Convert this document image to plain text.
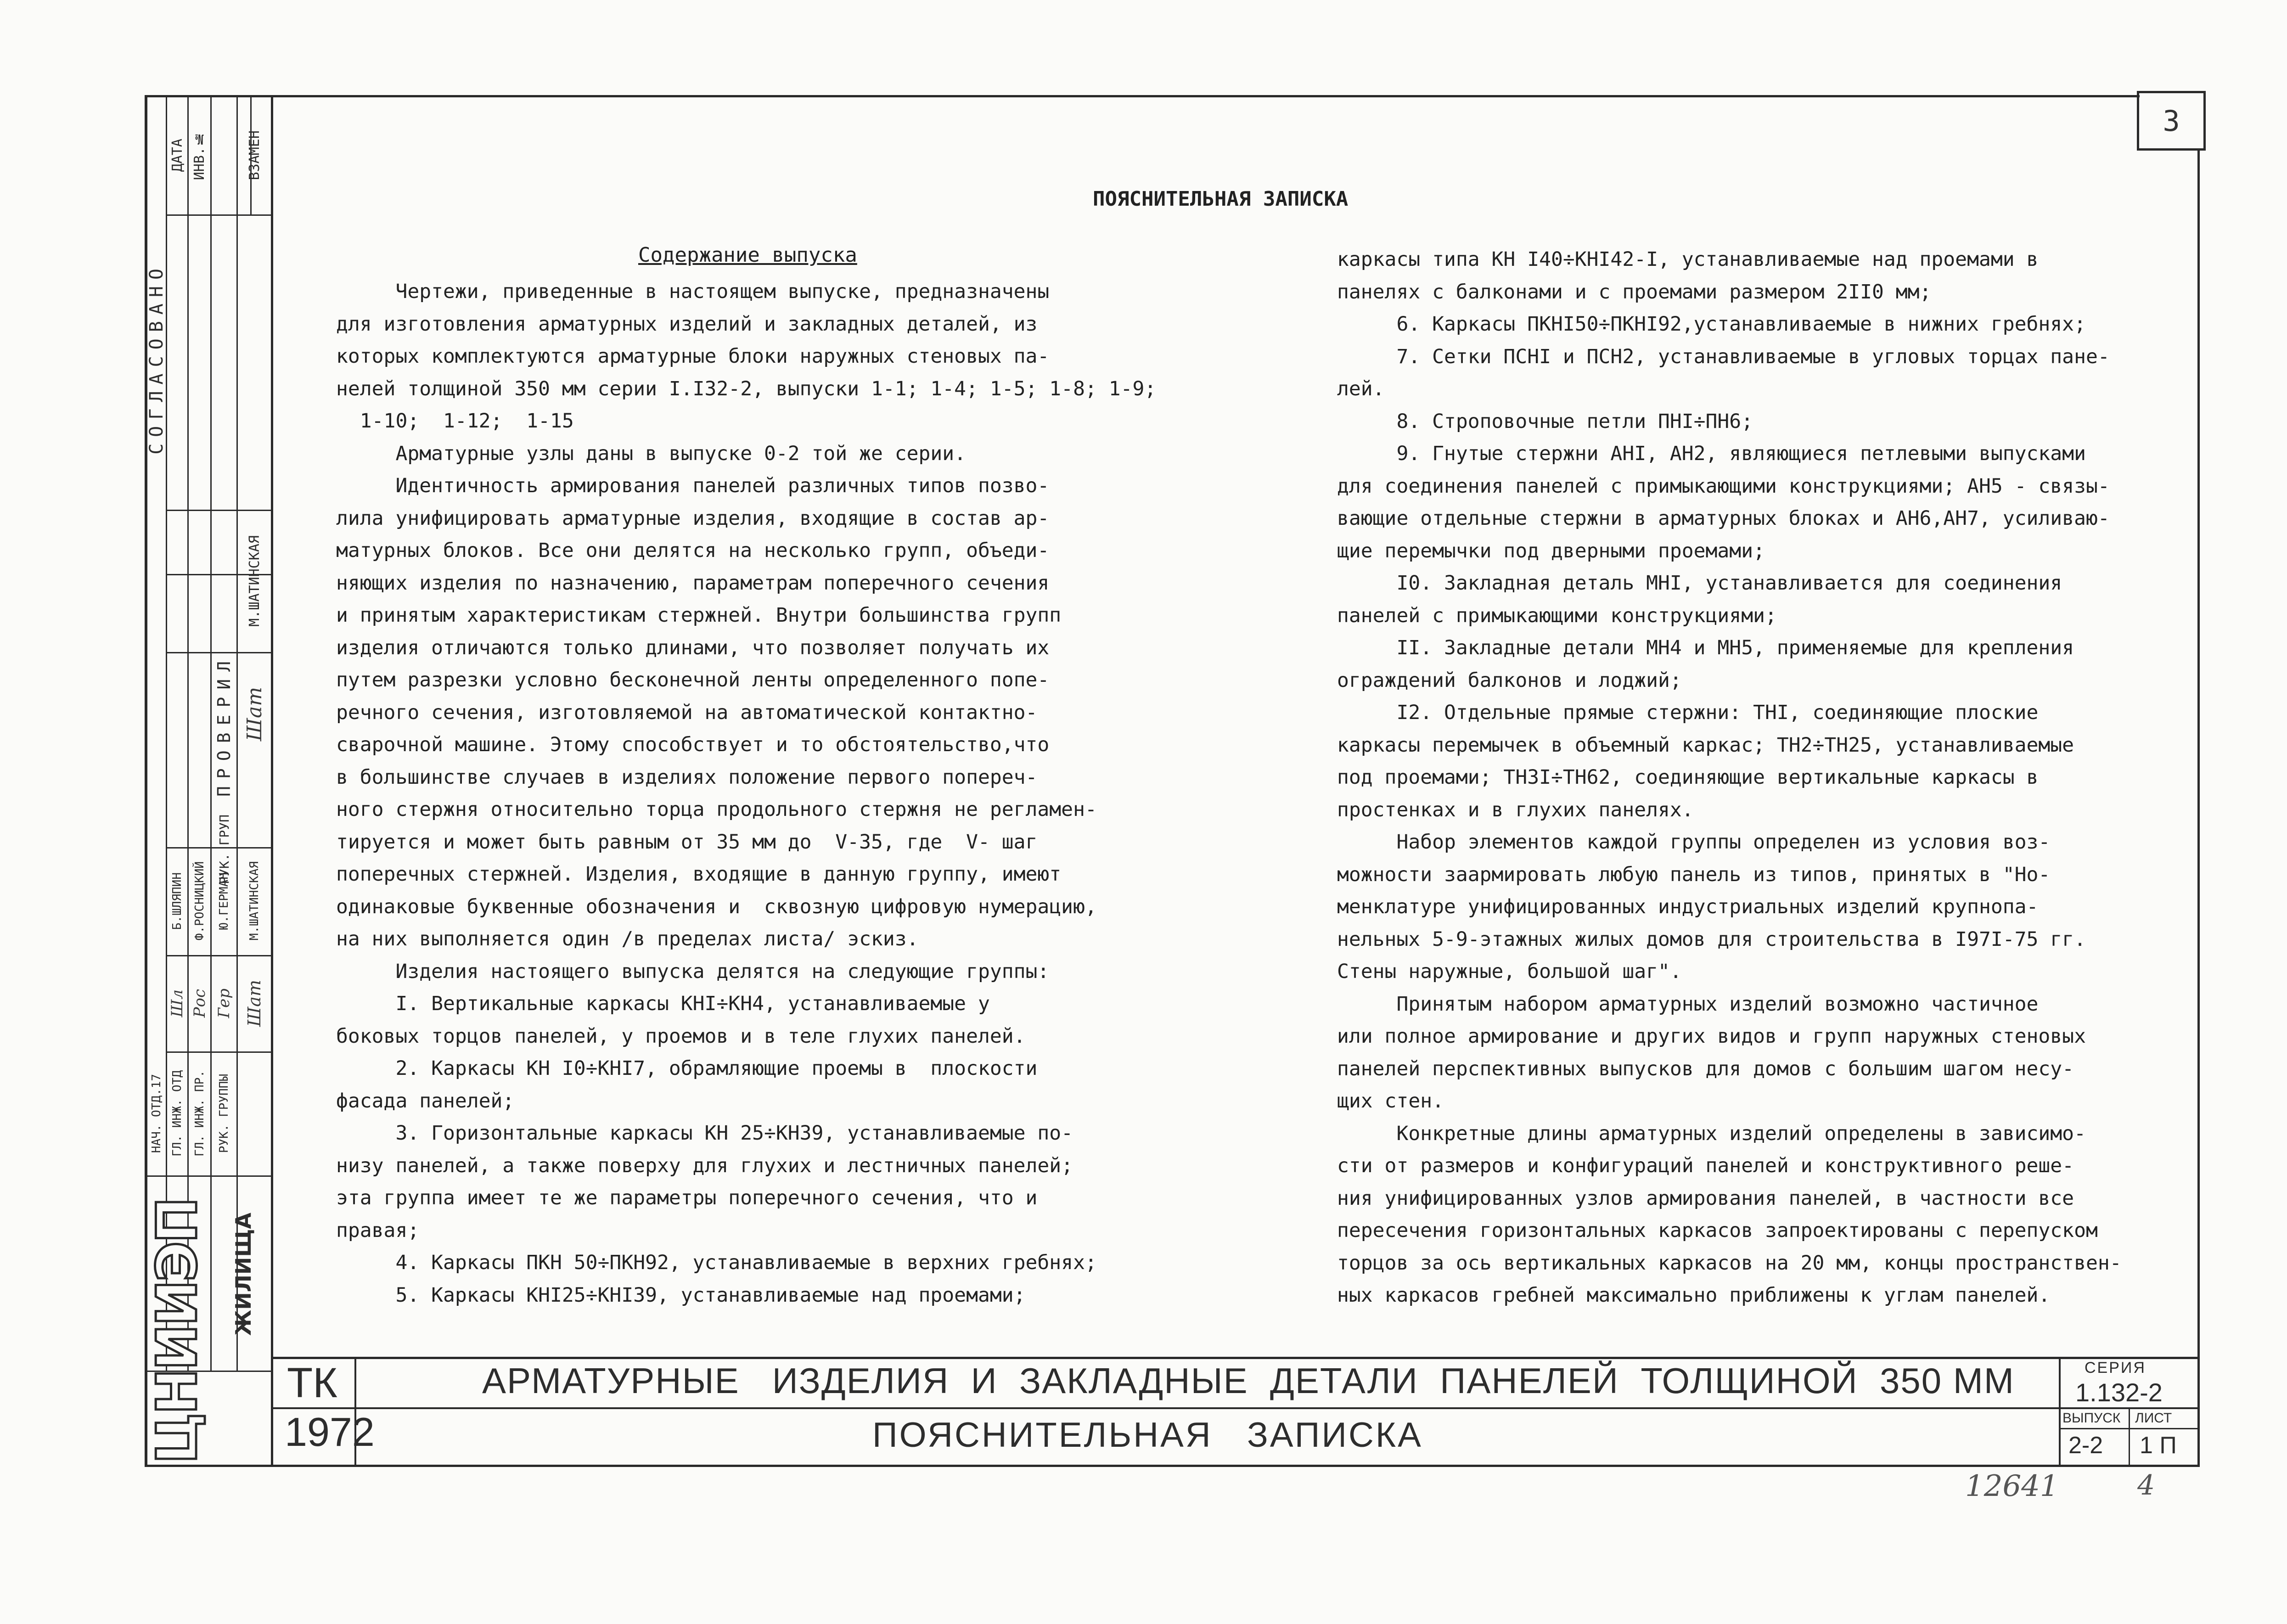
3
ДАТА ИНВ.№	ВЗАМЕН
СОГЛАСОВАНО
ПРОВЕРИЛ
РУК. ГРУП
Шат
М.ШАТИНСКАЯ
НАЧ. ОТД.17 ГЛ. ИНЖ. ОТД ГЛ. ИНЖ. ПР. РУК. ГРУППЫ
Шл Рос Гер Шат
Б.ШЛЯПИН Ф.РОСНИЦКИЙ Ю.ГЕРМАН М.ШАТИНСКАЯ
ЦНИИЭП ЖИЛИЩА
ПОЯСНИТЕЛЬНАЯ ЗАПИСКА
Содержание выпуска
Чертежи, приведенные в настоящем выпуске, предназначены
для изготовления арматурных изделий и закладных деталей, из
которых комплектуются арматурные блоки наружных стеновых па-
нелей толщиной 350 мм серии I.I32-2, выпуски 1-1; 1-4; 1-5; 1-8; 1-9;
1-10;  1-12;  1-15
Арматурные узлы даны в выпуске 0-2 той же серии.
Идентичность армирования панелей различных типов позво-
лила унифицировать арматурные изделия, входящие в состав ар-
матурных блоков. Все они делятся на несколько групп, объеди-
няющих изделия по назначению, параметрам поперечного сечения
и принятым характеристикам стержней. Внутри большинства групп
изделия отличаются только длинами, что позволяет получать их
путем разрезки условно бесконечной ленты определенного попе-
речного сечения, изготовляемой на автоматической контактно-
сварочной машине. Этому способствует и то обстоятельство,что
в большинстве случаев в изделиях положение первого попереч-
ного стержня относительно торца продольного стержня не регламен-
тируется и может быть равным от 35 мм до  V-35, где  V- шаг
поперечных стержней. Изделия, входящие в данную группу, имеют
одинаковые буквенные обозначения и  сквозную цифровую нумерацию,
на них выполняется один /в пределах листа/ эскиз.
Изделия настоящего выпуска делятся на следующие группы:
I. Вертикальные каркасы КНI÷КН4, устанавливаемые у
боковых торцов панелей, у проемов и в теле глухих панелей.
2. Каркасы КН I0÷КНI7, обрамляющие проемы в  плоскости
фасада панелей;
3. Горизонтальные каркасы КН 25÷КН39, устанавливаемые по-
низу панелей, а также поверху для глухих и лестничных панелей;
эта группа имеет те же параметры поперечного сечения, что и
правая;
4. Каркасы ПКН 50÷ПКН92, устанавливаемые в верхних гребнях;
5. Каркасы КНI25÷КНI39, устанавливаемые над проемами;
каркасы типа КН I40÷КНI42-I, устанавливаемые над проемами в
панелях с балконами и с проемами размером 2II0 мм;
6. Каркасы ПКНI50÷ПКНI92,устанавливаемые в нижних гребнях;
7. Сетки ПСНI и ПСН2, устанавливаемые в угловых торцах пане-
лей.
8. Строповочные петли ПНI÷ПН6;
9. Гнутые стержни АНI, АН2, являющиеся петлевыми выпусками
для соединения панелей с примыкающими конструкциями; АН5 - связы-
вающие отдельные стержни в арматурных блоках и АН6,АН7, усиливаю-
щие перемычки под дверными проемами;
I0. Закладная деталь МНI, устанавливается для соединения
панелей с примыкающими конструкциями;
II. Закладные детали МН4 и МН5, применяемые для крепления
ограждений балконов и лоджий;
I2. Отдельные прямые стержни: ТНI, соединяющие плоские
каркасы перемычек в объемный каркас; ТН2÷ТН25, устанавливаемые
под проемами; ТН3I÷ТН62, соединяющие вертикальные каркасы в
простенках и в глухих панелях.
Набор элементов каждой группы определен из условия воз-
можности заармировать любую панель из типов, принятых в "Но-
менклатуре унифицированных индустриальных изделий крупнопа-
нельных 5-9-этажных жилых домов для строительства в I97I-75 гг.
Стены наружные, большой шаг".
Принятым набором арматурных изделий возможно частичное
или полное армирование и других видов и групп наружных стеновых
панелей перспективных выпусков для домов с большим шагом несу-
щих стен.
Конкретные длины арматурных изделий определены в зависимо-
сти от размеров и конфигураций панелей и конструктивного реше-
ния унифицированных узлов армирования панелей, в частности все
пересечения горизонтальных каркасов запроектированы с перепуском
торцов за ось вертикальных каркасов на 20 мм, концы пространствен-
ных каркасов гребней максимально приближены к углам панелей.
ТК
1972
АРМАТУРНЫЕ   ИЗДЕЛИЯ  И  ЗАКЛАДНЫЕ  ДЕТАЛИ  ПАНЕЛЕЙ  ТОЛЩИНОЙ  350 ММ
ПОЯСНИТЕЛЬНАЯ   ЗАПИСКА
СЕРИЯ
1.132-2
ВЫПУСК ЛИСТ
2-2 1 П
12641	4
